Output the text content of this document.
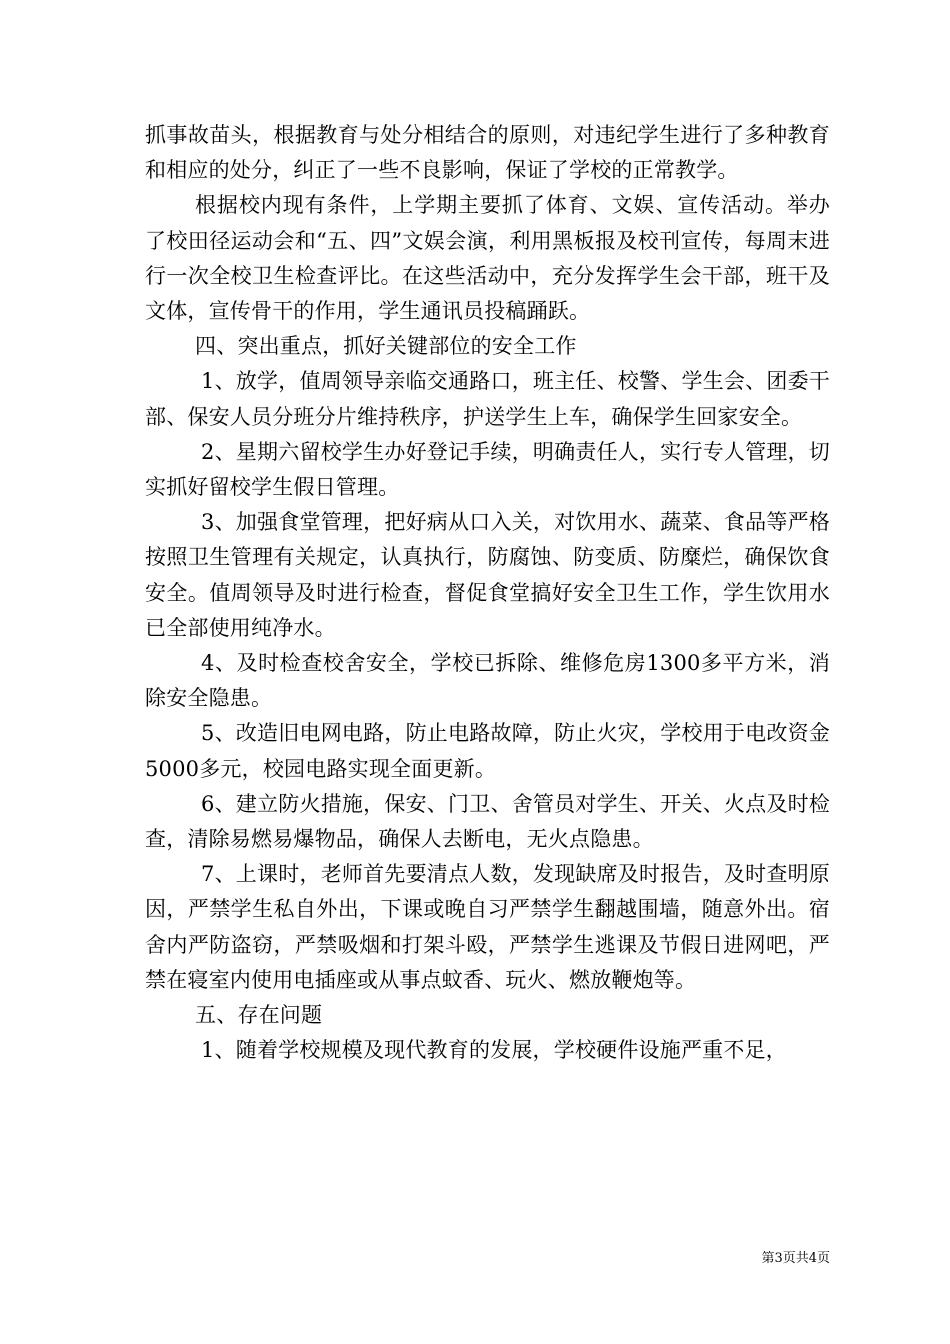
抓事故苗头，根据教育与处分相结合的原则，对违纪学生进行了多种教育和相应的处分，纠正了一些不良影响，保证了学校的正常教学。

根据校内现有条件，上学期主要抓了体育、文娱、宣传活动。举办了校田径运动会和“五、四”文娱会演，利用黑板报及校刊宣传，每周末进行一次全校卫生检查评比。在这些活动中，充分发挥学生会干部，班干及文体，宣传骨干的作用，学生通讯员投稿踊跃。

四、突出重点，抓好关键部位的安全工作

1、放学，值周领导亲临交通路口，班主任、校警、学生会、团委干部、保安人员分班分片维持秩序，护送学生上车，确保学生回家安全。

2、星期六留校学生办好登记手续，明确责任人，实行专人管理，切实抓好留校学生假日管理。

3、加强食堂管理，把好病从口入关，对饮用水、蔬菜、食品等严格按照卫生管理有关规定，认真执行，防腐蚀、防变质、防糜烂，确保饮食安全。值周领导及时进行检查，督促食堂搞好安全卫生工作，学生饮用水已全部使用纯净水。

4、及时检查校舍安全，学校已拆除、维修危房1300多平方米，消除安全隐患。

5、改造旧电网电路，防止电路故障，防止火灾，学校用于电改资金5000多元，校园电路实现全面更新。

6、建立防火措施，保安、门卫、舍管员对学生、开关、火点及时检查，清除易燃易爆物品，确保人去断电，无火点隐患。

7、上课时，老师首先要清点人数，发现缺席及时报告，及时查明原因，严禁学生私自外出，下课或晚自习严禁学生翻越围墙，随意外出。宿舍内严防盗窃，严禁吸烟和打架斗殴，严禁学生逃课及节假日进网吧，严禁在寝室内使用电插座或从事点蚊香、玩火、燃放鞭炮等。

五、存在问题

1、随着学校规模及现代教育的发展，学校硬件设施严重不足，

第3页共4页
